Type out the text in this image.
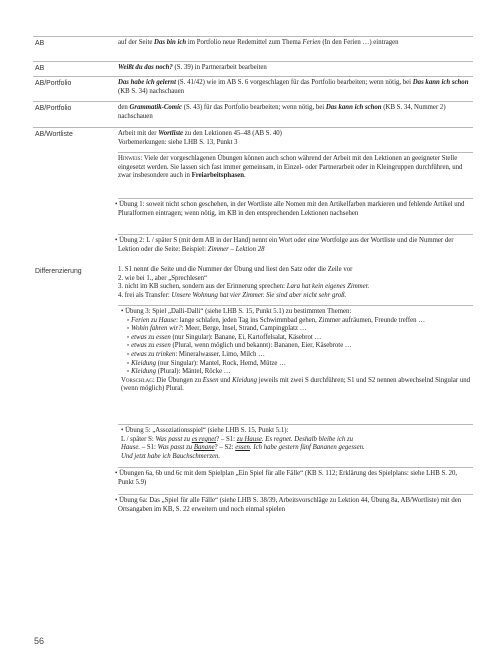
AB	auf der Seite Das bin ich im Portfolio neue Redemittel zum Thema Ferien (In den Ferien …) eintragen
AB	Weißt du das noch? (S. 39) in Partnerarbeit bearbeiten
AB/Portfolio	Das habe ich gelernt (S. 41/42) wie im AB S. 6 vorgeschlagen für das Portfolio bearbeiten; wenn nötig, bei Das kann ich schon (KB S. 34) nachschauen
AB/Portfolio	den Grammatik-Comic (S. 43) für das Portfolio bearbeiten; wenn nötig, bei Das kann ich schon (KB S. 34, Nummer 2) nachschauen
AB/Wortliste	Arbeit mit der Wortliste zu den Lektionen 45–48 (AB S. 40)

Vorbemerkungen: siehe LHB S. 13, Punkt 3

Hinweis: Viele der vorgeschlagenen Übungen können auch schon während der Arbeit mit den Lektionen an geeigneter Stelle eingesetzt werden. Sie lassen sich fast immer gemeinsam, in Einzel- oder Partnerarbeit oder in Kleingruppen durchführen, und zwar insbesondere auch in Freiarbeitsphasen.
• Übung 1: soweit nicht schon geschehen, in der Wortliste alle Nomen mit den Artikelfarben markieren und fehlende Artikel und Pluralformen eintragen; wenn nötig, im KB in den entsprechenden Lektionen nachsehen
• Übung 2: L / später S (mit dem AB in der Hand) nennt ein Wort oder eine Wortfolge aus der Wortliste und die Nummer der Lektion oder die Seite: Beispiel: Zimmer – Lektion 28
Differenzierung	1. S1 nennt die Seite und die Nummer der Übung und liest den Satz oder die Zeile vor

2. wie bei 1., aber „Sprechlesen“

3. nicht im KB suchen, sondern aus der Erinnerung sprechen: Lara hat kein eigenes Zimmer.

4. frei als Transfer: Unsere Wohnung hat vier Zimmer. Sie sind aber nicht sehr groß.

• Übung 3: Spiel „Dalli-Dalli“ (siehe LHB S. 15, Punkt 5.1) zu bestimmten Themen:

▫ Ferien zu Hause: lange schlafen, jeden Tag ins Schwimmbad gehen, Zimmer aufräumen, Freunde treffen …

▫ Wohin fahren wir?: Meer, Berge, Insel, Strand, Campingplatz …

▫ etwas zu essen (nur Singular): Banane, Ei, Kartoffelsalat, Käsebrot …

▫ etwas zu essen (Plural, wenn möglich und bekannt): Bananen, Eier, Käsebrote …

▫ etwas zu trinken: Mineralwasser, Limo, Milch …

▫ Kleidung (nur Singular): Mantel, Rock, Hemd, Mütze …

▫ Kleidung (Plural): Mäntel, Röcke …

Vorschlag: Die Übungen zu Essen und Kleidung jeweils mit zwei S durchführen; S1 und S2 nennen abwechselnd Singular und (wenn möglich) Plural.

• Übung 5: „Assoziationsspiel“ (siehe LHB S. 15, Punkt 5.1):

L / später S: Was passt zu es regnet? – S1: zu Hause. Es regnet. Deshalb bleibe ich zu

Hause. – S1: Was passt zu Banane? – S2: essen. Ich habe gestern fünf Bananen gegessen.

Und jetzt habe ich Bauchschmerzen.

• Übungen 6a, 6b und 6c mit dem Spielplan „Ein Spiel für alle Fälle“ (KB S. 112; Erklärung des Spielplans: siehe LHB S. 20, Punkt 5.9)
• Übung 6a: Das „Spiel für alle Fälle“ (siehe LHB S. 38/39, Arbeitsvorschläge zu Lektion 44, Übung 8a, AB/Wortliste) mit den Ortsangaben im KB, S. 22 erweitern und noch einmal spielen
56
